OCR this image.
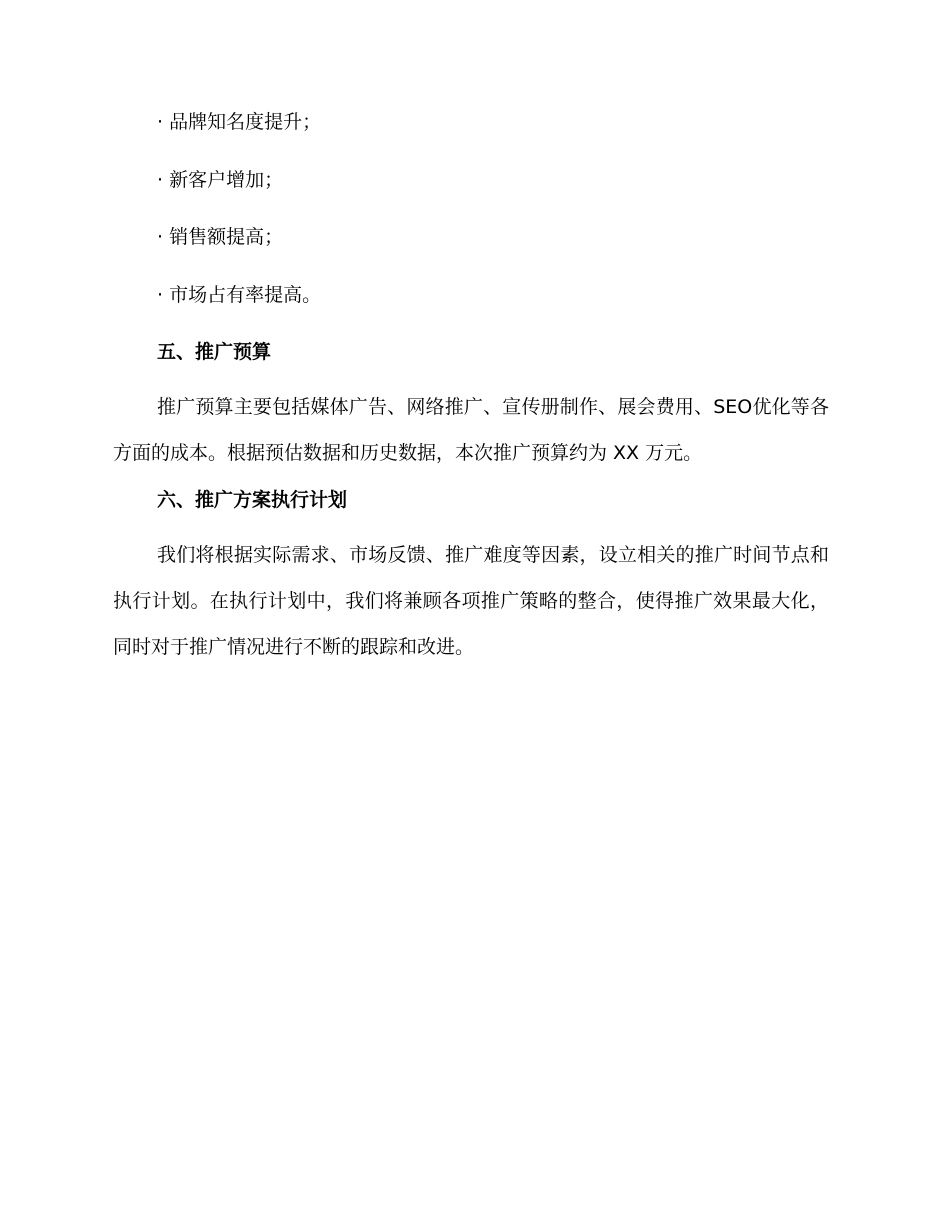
· 品牌知名度提升；
· 新客户增加；
· 销售额提高；
· 市场占有率提高。
五、推广预算

推广预算主要包括媒体广告、网络推广、宣传册制作、展会费用、SEO优化等各方面的成本。根据预估数据和历史数据，本次推广预算约为 XX 万元。

六、推广方案执行计划

我们将根据实际需求、市场反馈、推广难度等因素，设立相关的推广时间节点和执行计划。在执行计划中，我们将兼顾各项推广策略的整合，使得推广效果最大化，同时对于推广情况进行不断的跟踪和改进。
